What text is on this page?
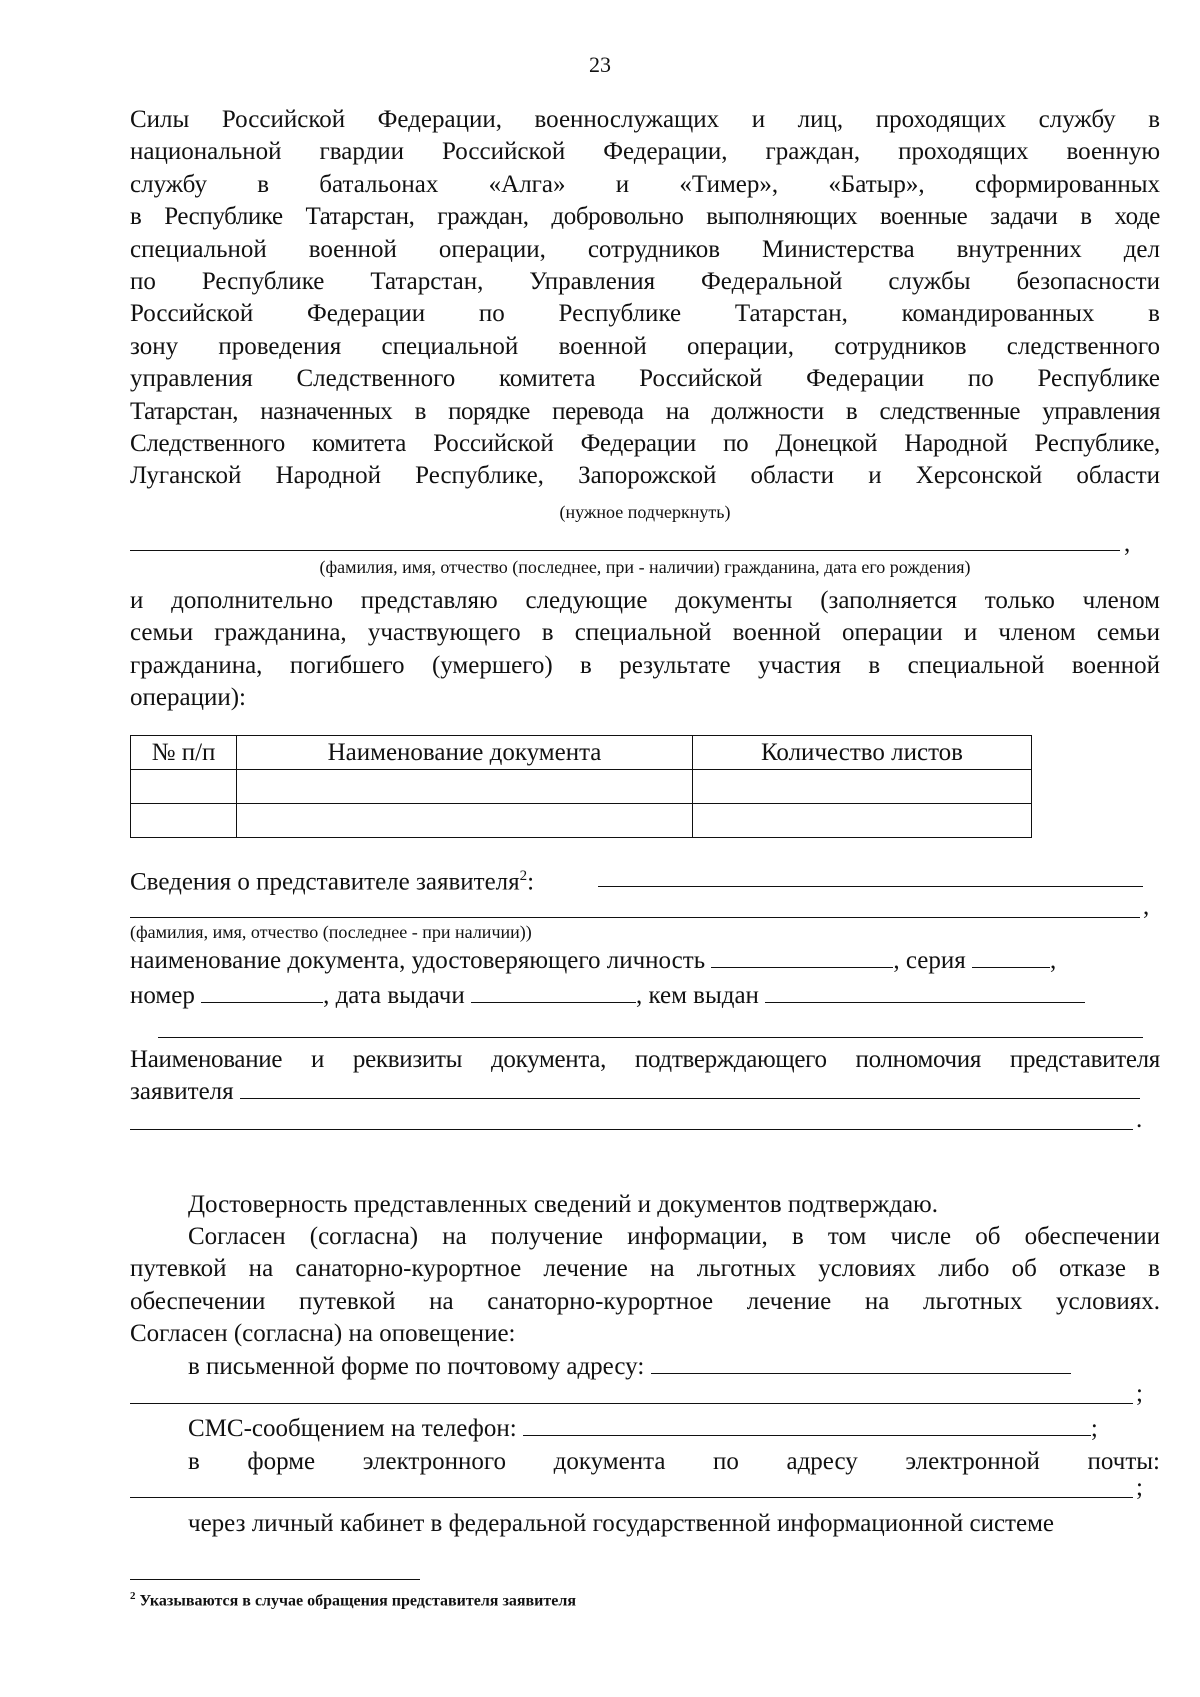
23
Силы Российской Федерации, военнослужащих и лиц, проходящих службу в
национальной гвардии Российской Федерации, граждан, проходящих военную
службу в батальонах «Алга» и «Тимер», «Батыр», сформированных
в Республике Татарстан, граждан, добровольно выполняющих военные задачи в ходе
специальной военной операции, сотрудников Министерства внутренних дел
по Республике Татарстан, Управления Федеральной службы безопасности
Российской Федерации по Республике Татарстан, командированных в
зону проведения специальной военной операции, сотрудников следственного
управления Следственного комитета Российской Федерации по Республике
Татарстан, назначенных в порядке перевода на должности в следственные управления
Следственного комитета Российской Федерации по Донецкой Народной Республике,
Луганской Народной Республике, Запорожской области и Херсонской области
(нужное подчеркнуть)
,
(фамилия, имя, отчество (последнее, при - наличии) гражданина, дата его рождения)
и дополнительно представляю следующие документы (заполняется только членом
семьи гражданина, участвующего в специальной военной операции и членом семьи
гражданина, погибшего (умершего) в результате участия в специальной военной
операции):
№ п/п	Наименование документа	Количество листов

Сведения о представителе заявителя$^2$:
,
(фамилия, имя, отчество (последнее - при наличии))
наименование документа, удостоверяющего личность	, серия	,
номер	, дата выдачи	, кем выдан
Наименование и реквизиты документа, подтверждающего полномочия представителя
заявителя
.
Достоверность представленных сведений и документов подтверждаю.
Согласен (согласна) на получение информации, в том числе об обеспечении
путевкой на санаторно-курортное лечение на льготных условиях либо об отказе в
обеспечении путевкой на санаторно-курортное лечение на льготных условиях.
Согласен (согласна) на оповещение:
в письменной форме по почтовому адресу:
;
СМС-сообщением на телефон:	;
в форме электронного документа по адресу электронной почты:
;
через личный кабинет в федеральной государственной информационной системе
$^2$ Указываются в случае обращения представителя заявителя
